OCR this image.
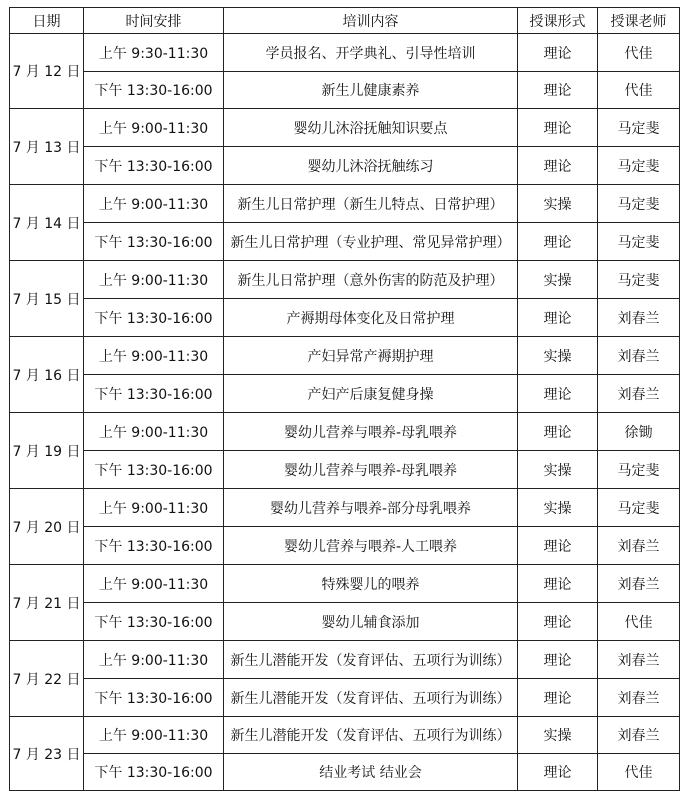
日期	时间安排	培训内容	授课形式	授课老师
7 月 12 日	上午 9:30-11:30	学员报名、开学典礼、引导性培训	理论	代佳
	下午 13:30-16:00	新生儿健康素养	理论	代佳
7 月 13 日	上午 9:00-11:30	婴幼儿沐浴抚触知识要点	理论	马定斐
	下午 13:30-16:00	婴幼儿沐浴抚触练习	理论	马定斐
7 月 14 日	上午 9:00-11:30	新生儿日常护理（新生儿特点、日常护理）	实操	马定斐
	下午 13:30-16:00	新生儿日常护理（专业护理、常见异常护理）	理论	马定斐
7 月 15 日	上午 9:00-11:30	新生儿日常护理（意外伤害的防范及护理）	实操	马定斐
	下午 13:30-16:00	产褥期母体变化及日常护理	理论	刘春兰
7 月 16 日	上午 9:00-11:30	产妇异常产褥期护理	实操	刘春兰
	下午 13:30-16:00	产妇产后康复健身操	理论	刘春兰
7 月 19 日	上午 9:00-11:30	婴幼儿营养与喂养-母乳喂养	理论	徐锄
	下午 13:30-16:00	婴幼儿营养与喂养-母乳喂养	实操	马定斐
7 月 20 日	上午 9:00-11:30	婴幼儿营养与喂养-部分母乳喂养	实操	马定斐
	下午 13:30-16:00	婴幼儿营养与喂养-人工喂养	理论	刘春兰
7 月 21 日	上午 9:00-11:30	特殊婴儿的喂养	理论	刘春兰
	下午 13:30-16:00	婴幼儿辅食添加	理论	代佳
7 月 22 日	上午 9:00-11:30	新生儿潜能开发（发育评估、五项行为训练）	理论	刘春兰
	下午 13:30-16:00	新生儿潜能开发（发育评估、五项行为训练）	理论	刘春兰
7 月 23 日	上午 9:00-11:30	新生儿潜能开发（发育评估、五项行为训练）	实操	刘春兰
	下午 13:30-16:00	结业考试 结业会	理论	代佳
